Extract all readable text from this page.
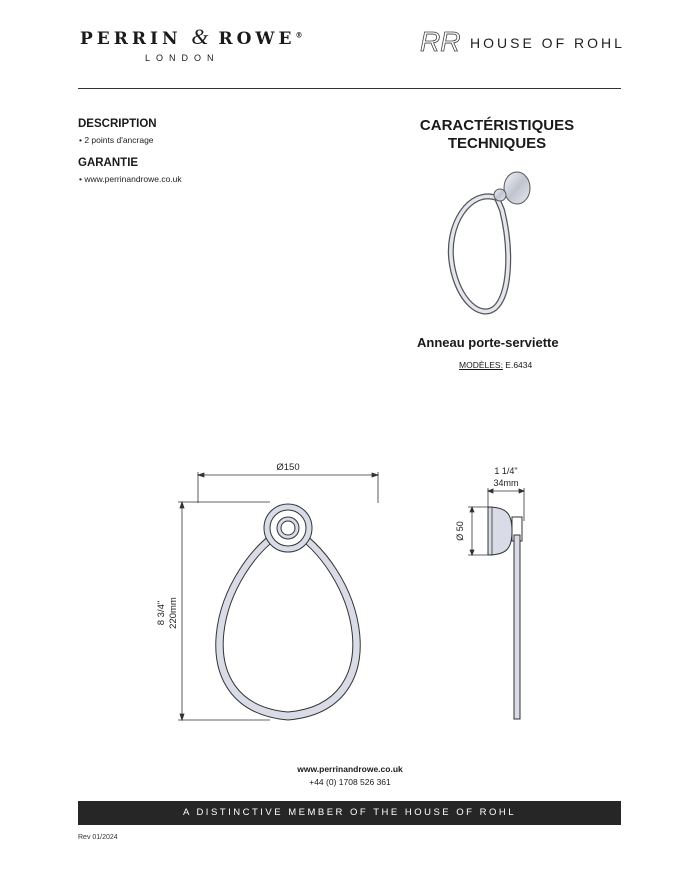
PERRIN & ROWE®
LONDON
RR HOUSE OF ROHL
DESCRIPTION
• 2 points d'ancrage
GARANTIE
• www.perrinandrowe.co.uk
CARACTÉRISTIQUES
TECHNIQUES
Anneau porte-serviette
MODÈLES: E.6434
Ø150
8 3/4" 220mm
1 1/4"
34mm
Ø 50
www.perrinandrowe.co.uk
+44 (0) 1708 526 361
A DISTINCTIVE MEMBER OF THE HOUSE OF ROHL
Rev 01/2024
